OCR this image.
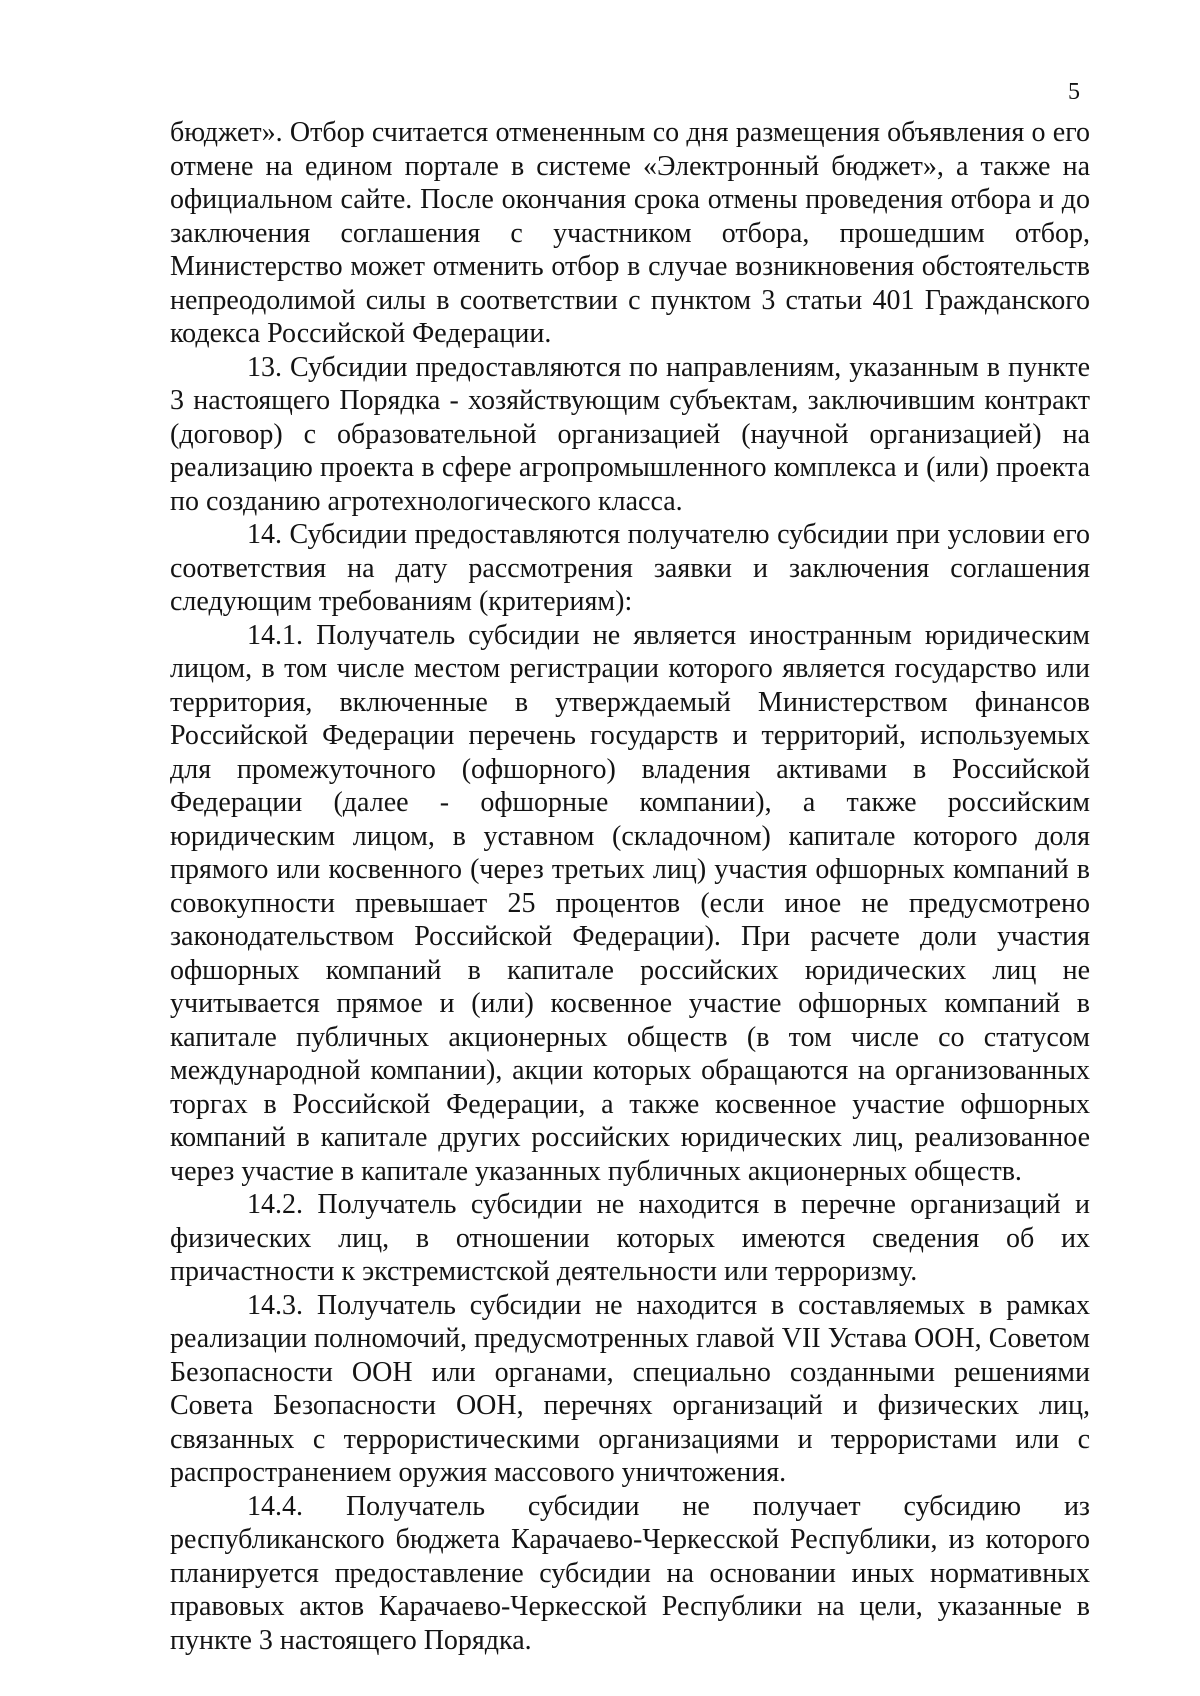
5

бюджет». Отбор считается отмененным со дня размещения объявления о его отмене на едином портале в системе «Электронный бюджет», а также на официальном сайте. После окончания срока отмены проведения отбора и до заключения соглашения с участником отбора, прошедшим отбор, Министерство может отменить отбор в случае возникновения обстоятельств непреодолимой силы в соответствии с пунктом 3 статьи 401 Гражданского кодекса Российской Федерации.

13. Субсидии предоставляются по направлениям, указанным в пункте 3 настоящего Порядка - хозяйствующим субъектам, заключившим контракт (договор) с образовательной организацией (научной организацией) на реализацию проекта в сфере агропромышленного комплекса и (или) проекта по созданию агротехнологического класса.

14. Субсидии предоставляются получателю субсидии при условии его соответствия на дату рассмотрения заявки и заключения соглашения следующим требованиям (критериям):

14.1. Получатель субсидии не является иностранным юридическим лицом, в том числе местом регистрации которого является государство или территория, включенные в утверждаемый Министерством финансов Российской Федерации перечень государств и территорий, используемых для промежуточного (офшорного) владения активами в Российской Федерации (далее - офшорные компании), а также российским юридическим лицом, в уставном (складочном) капитале которого доля прямого или косвенного (через третьих лиц) участия офшорных компаний в совокупности превышает 25 процентов (если иное не предусмотрено законодательством Российской Федерации). При расчете доли участия офшорных компаний в капитале российских юридических лиц не учитывается прямое и (или) косвенное участие офшорных компаний в капитале публичных акционерных обществ (в том числе со статусом международной компании), акции которых обращаются на организованных торгах в Российской Федерации, а также косвенное участие офшорных компаний в капитале других российских юридических лиц, реализованное через участие в капитале указанных публичных акционерных обществ.

14.2. Получатель субсидии не находится в перечне организаций и физических лиц, в отношении которых имеются сведения об их причастности к экстремистской деятельности или терроризму.

14.3. Получатель субсидии не находится в составляемых в рамках реализации полномочий, предусмотренных главой VII Устава ООН, Советом Безопасности ООН или органами, специально созданными решениями Совета Безопасности ООН, перечнях организаций и физических лиц, связанных с террористическими организациями и террористами или с распространением оружия массового уничтожения.

14.4. Получатель субсидии не получает субсидию из республиканского бюджета Карачаево-Черкесской Республики, из которого планируется предоставление субсидии на основании иных нормативных правовых актов Карачаево-Черкесской Республики на цели, указанные в пункте 3 настоящего Порядка.
